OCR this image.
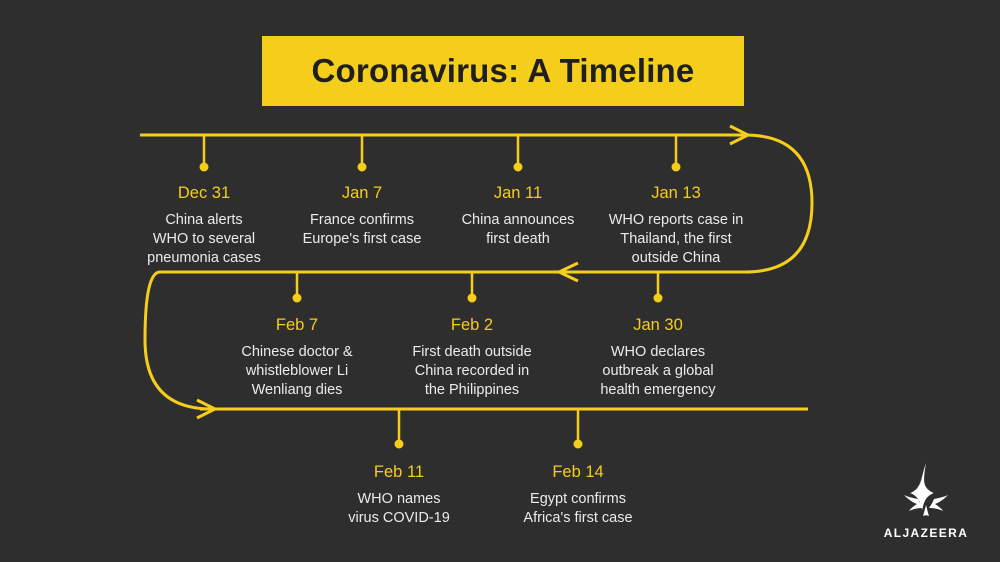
Coronavirus: A Timeline
Dec 31
China alerts
WHO to several
pneumonia cases
Jan 7
France confirms
Europe's first case
Jan 11
China announces
first death
Jan 13
WHO reports case in
Thailand, the first
outside China
Jan 30
WHO declares
outbreak a global
health emergency
Feb 2
First death outside
China recorded in
the Philippines
Feb 7
Chinese doctor &
whistleblower Li
Wenliang dies
Feb 11
WHO names
virus COVID-19
Feb 14
Egypt confirms
Africa's first case
ALJAZEERA
